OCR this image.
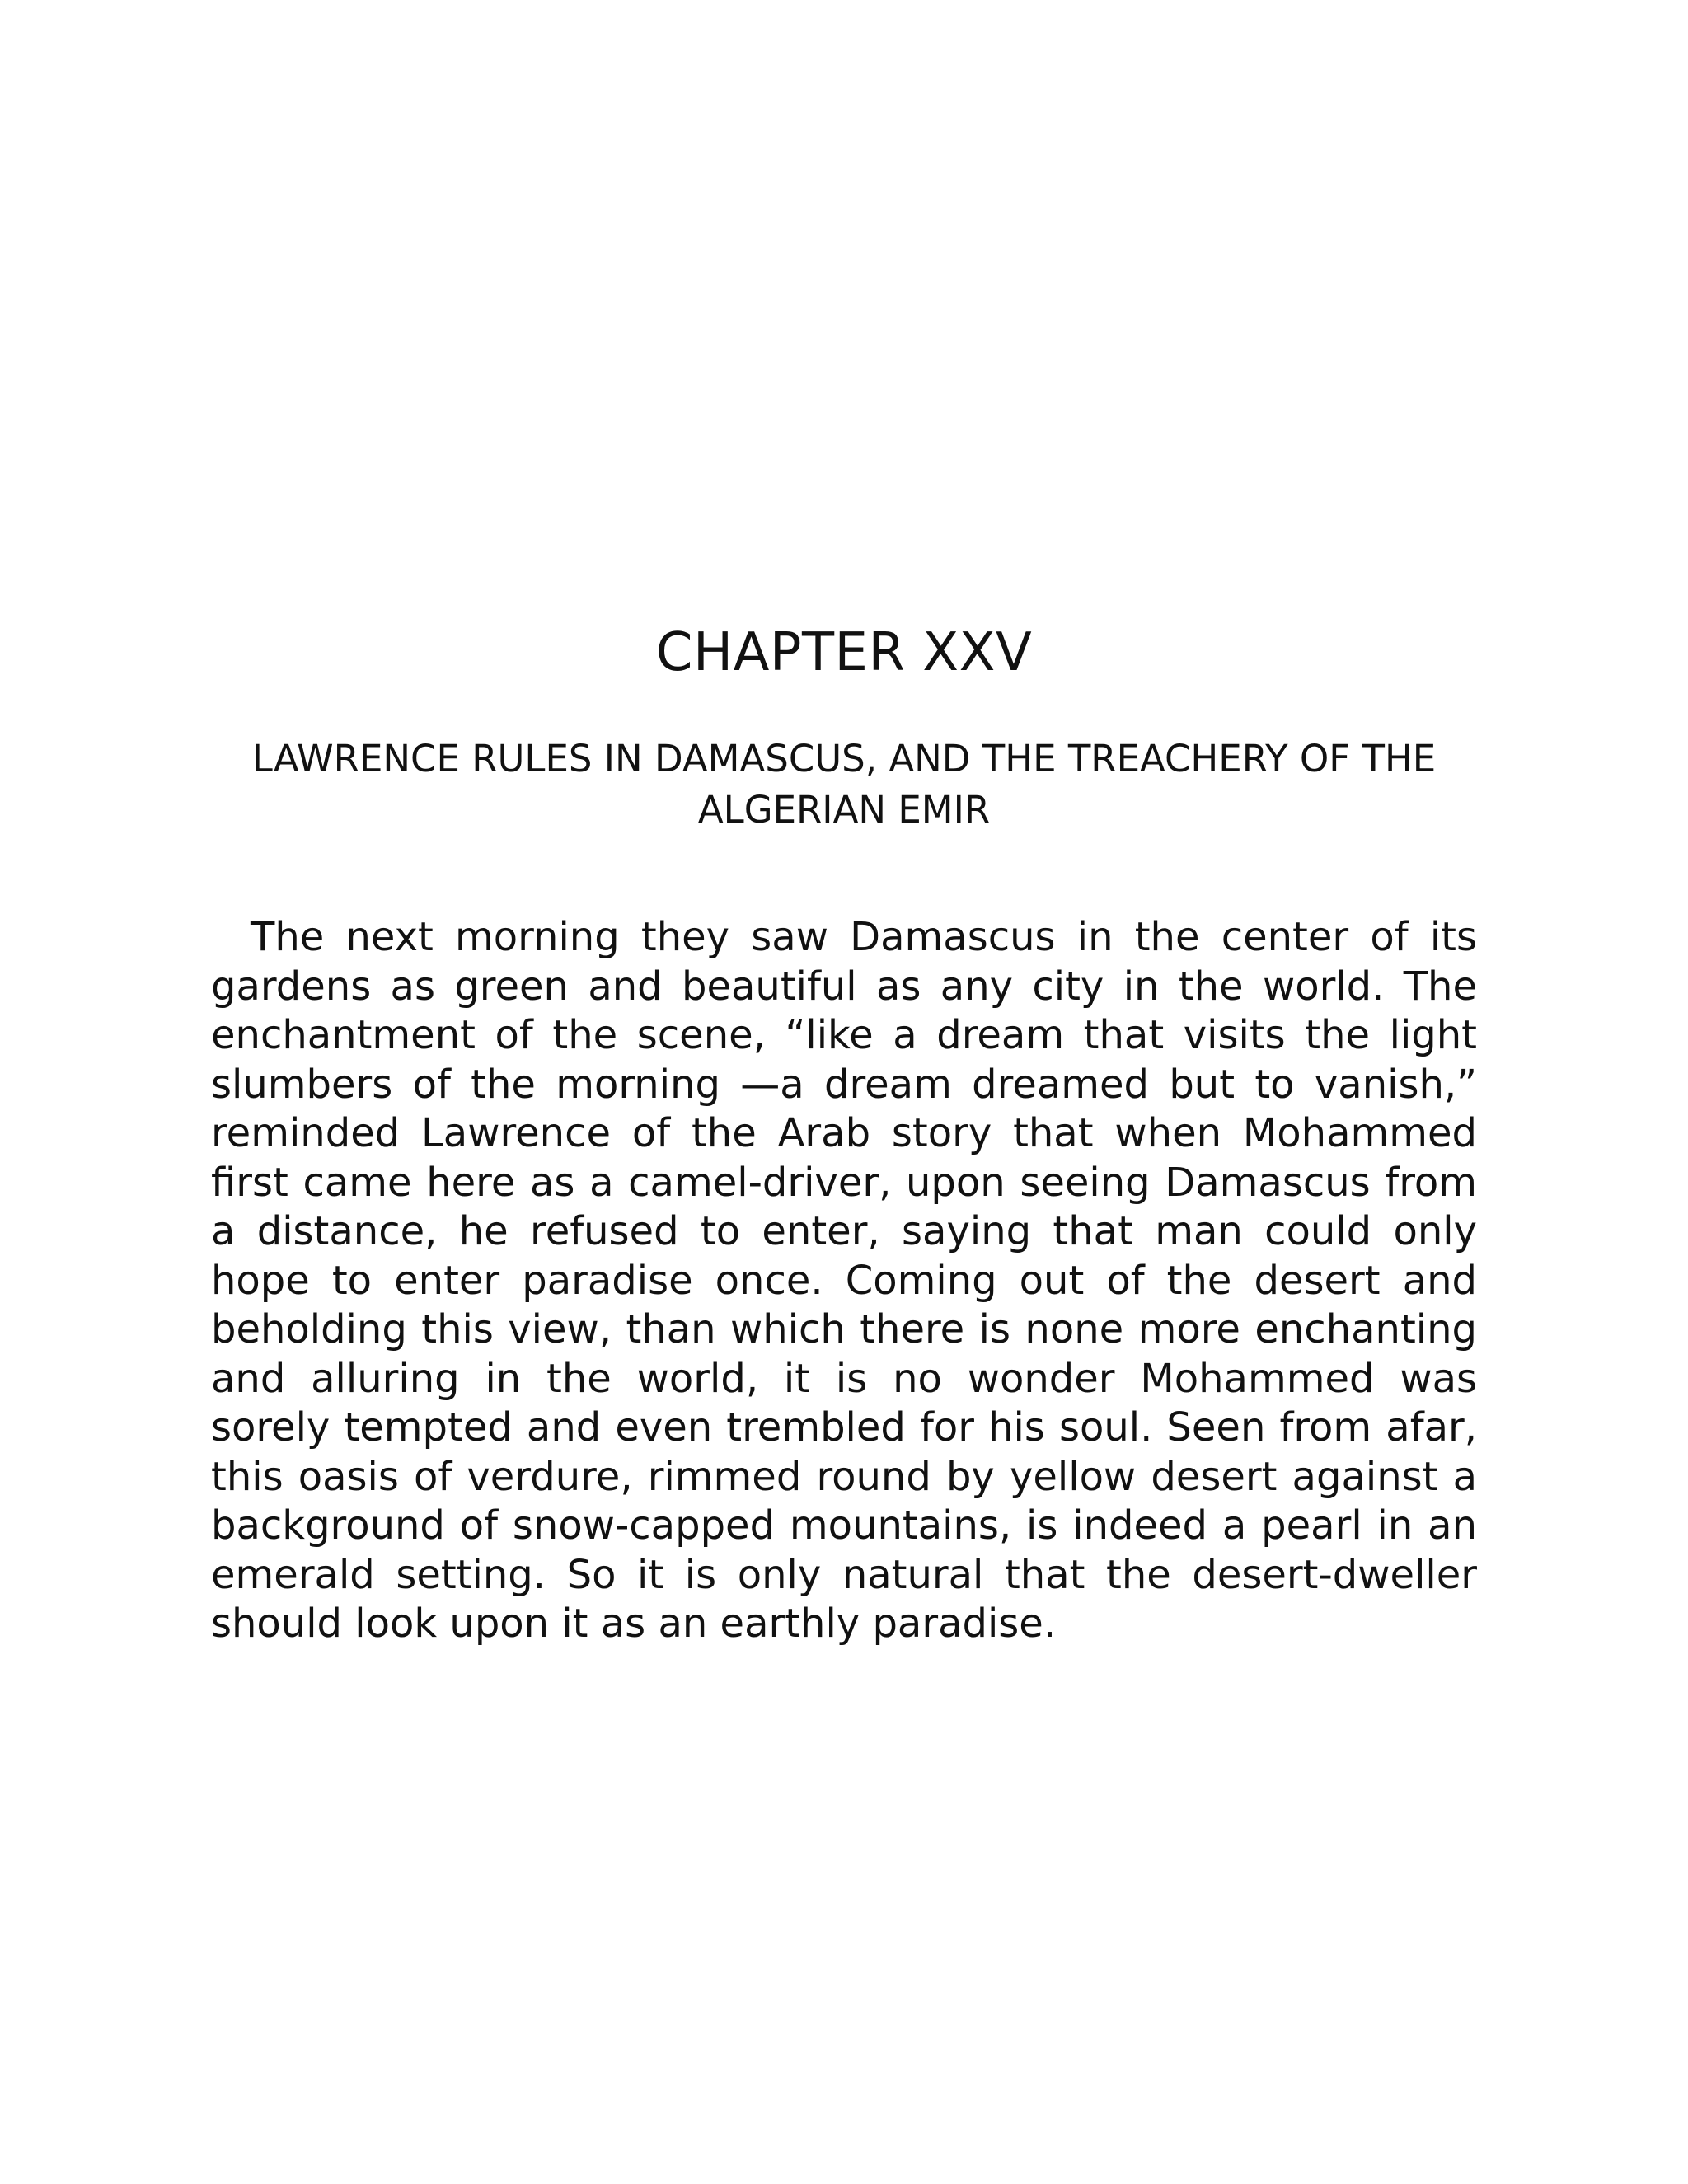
CHAPTER XXV
LAWRENCE RULES IN DAMASCUS, AND THE TREACHERY OF THE ALGERIAN EMIR

The next morning they saw Damascus in the center of its gardens as green and beautiful as any city in the world. The enchantment of the scene, “like a dream that visits the light slumbers of the morning —a dream dreamed but to vanish,” reminded Lawrence of the Arab story that when Mohammed first came here as a camel-driver, upon seeing Damascus from a distance, he refused to enter, saying that man could only hope to enter paradise once. Coming out of the desert and beholding this view, than which there is none more enchanting and alluring in the world, it is no wonder Mohammed was sorely tempted and even trembled for his soul. Seen from afar, this oasis of verdure, rimmed round by yellow desert against a background of snow-capped mountains, is indeed a pearl in an emerald setting. So it is only natural that the desert-dweller should look upon it as an earthly paradise.
